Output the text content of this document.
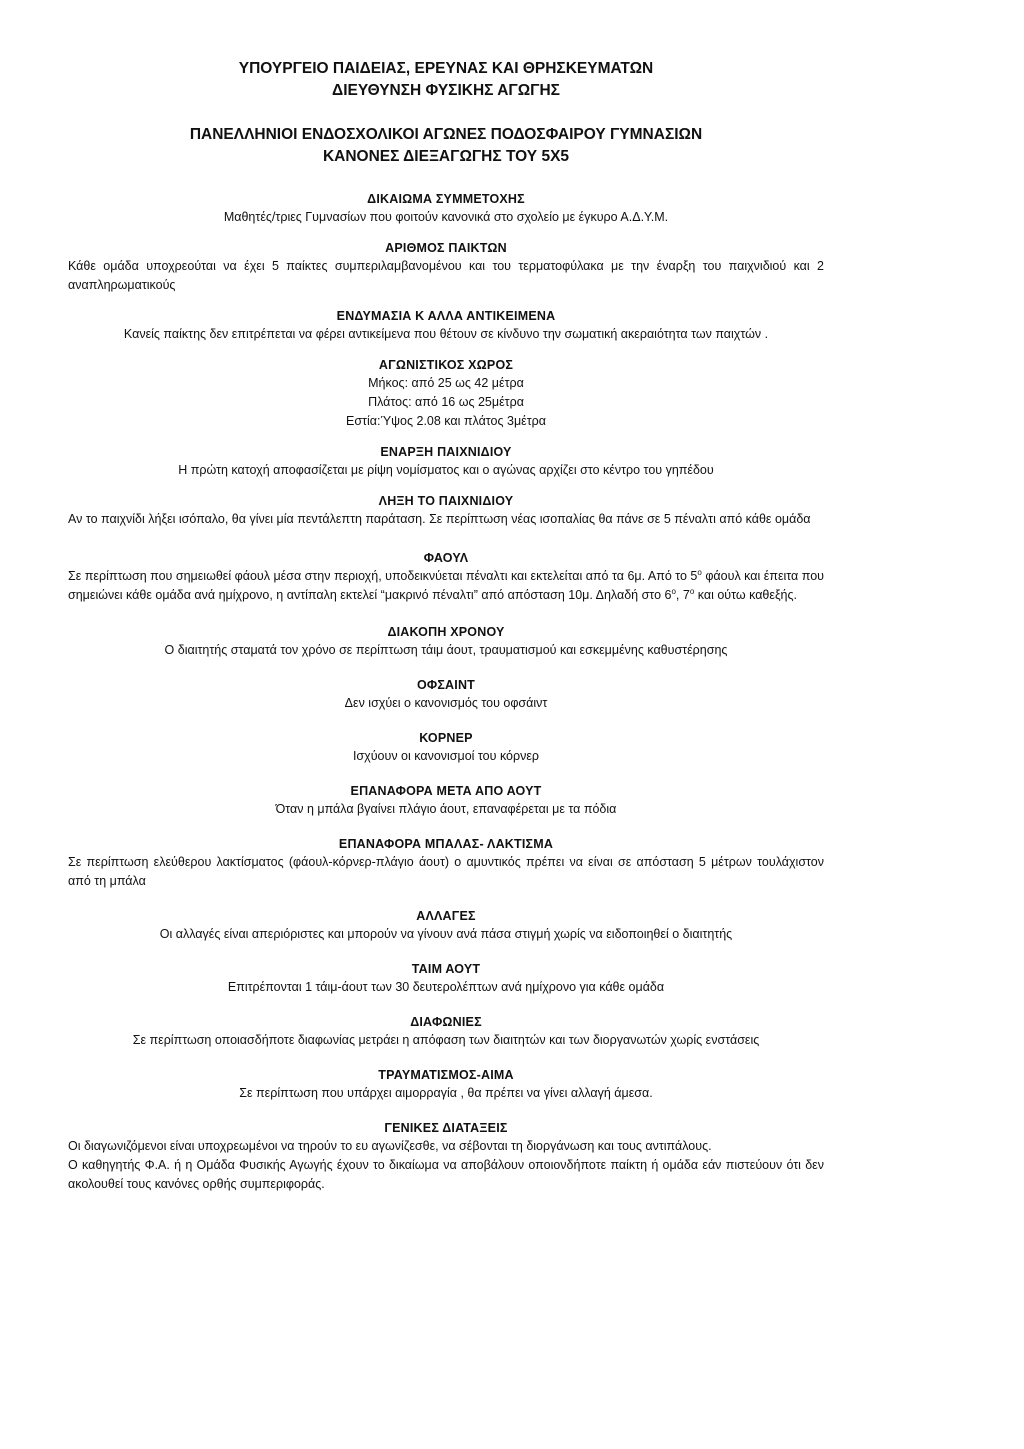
ΥΠΟΥΡΓΕΙΟ ΠΑΙΔΕΙΑΣ, ΕΡΕΥΝΑΣ ΚΑΙ ΘΡΗΣΚΕΥΜΑΤΩΝ
ΔΙΕΥΘΥΝΣΗ ΦΥΣΙΚΗΣ ΑΓΩΓΗΣ
ΠΑΝΕΛΛΗΝΙΟΙ ΕΝΔΟΣΧΟΛΙΚΟΙ ΑΓΩΝΕΣ ΠΟΔΟΣΦΑΙΡΟΥ ΓΥΜΝΑΣΙΩΝ
ΚΑΝΟΝΕΣ ΔΙΕΞΑΓΩΓΗΣ ΤΟΥ 5Χ5
ΔΙΚΑΙΩΜΑ ΣΥΜΜΕΤΟΧΗΣ

Μαθητές/τριες Γυμνασίων που φοιτούν κανονικά στο σχολείο με έγκυρο Α.Δ.Υ.Μ.

ΑΡΙΘΜΟΣ ΠΑΙΚΤΩΝ

Κάθε ομάδα υποχρεούται να έχει 5 παίκτες συμπεριλαμβανομένου και του τερματοφύλακα με την έναρξη του παιχνιδιού και 2 αναπληρωματικούς

ΕΝΔΥΜΑΣΙΑ Κ ΑΛΛΑ ΑΝΤΙΚΕΙΜΕΝΑ

Κανείς παίκτης δεν επιτρέπεται να φέρει αντικείμενα που θέτουν σε κίνδυνο την σωματική ακεραιότητα των παιχτών .

ΑΓΩΝΙΣΤΙΚΟΣ ΧΩΡΟΣ

Μήκος: από 25 ως 42 μέτρα

Πλάτος: από 16 ως 25μέτρα

Εστία:Ύψος 2.08 και πλάτος 3μέτρα

ΕΝΑΡΞΗ ΠΑΙΧΝΙΔΙΟΥ

Η πρώτη κατοχή αποφασίζεται με ρίψη νομίσματος και ο αγώνας αρχίζει στο κέντρο του γηπέδου

ΛΗΞΗ ΤΟ ΠΑΙΧΝΙΔΙΟΥ

Αν το παιχνίδι λήξει ισόπαλο, θα γίνει μία πεντάλεπτη παράταση. Σε περίπτωση νέας ισοπαλίας θα πάνε σε 5 πέναλτι από κάθε ομάδα

ΦΑΟΥΛ

Σε περίπτωση που σημειωθεί φάουλ μέσα στην περιοχή, υποδεικνύεται πέναλτι και εκτελείται από τα 6μ. Από το $5^o$ φάουλ και έπειτα που σημειώνει κάθε ομάδα ανά ημίχρονο, η αντίπαλη εκτελεί “μακρινό πέναλτι” από απόσταση 10μ. Δηλαδή στο $6^o$, $7^o$ και ούτω καθεξής.

ΔΙΑΚΟΠΗ ΧΡΟΝΟΥ

Ο διαιτητής σταματά τον χρόνο σε περίπτωση τάιμ άουτ, τραυματισμού και εσκεμμένης καθυστέρησης

ΟΦΣΑΙΝΤ

Δεν ισχύει ο κανονισμός του οφσάιντ

ΚΟΡΝΕΡ

Ισχύουν οι κανονισμοί του κόρνερ

ΕΠΑΝΑΦΟΡΑ ΜΕΤΑ ΑΠΟ ΑΟΥΤ

Όταν η μπάλα βγαίνει πλάγιο άουτ, επαναφέρεται με τα πόδια

ΕΠΑΝΑΦΟΡΑ ΜΠΑΛΑΣ- ΛΑΚΤΙΣΜΑ

Σε περίπτωση ελεύθερου λακτίσματος (φάουλ-κόρνερ-πλάγιο άουτ) ο αμυντικός πρέπει να είναι σε απόσταση 5 μέτρων τουλάχιστον από τη μπάλα

ΑΛΛΑΓΕΣ

Οι αλλαγές είναι απεριόριστες και μπορούν να γίνουν ανά πάσα στιγμή χωρίς να ειδοποιηθεί ο διαιτητής

ΤΑΙΜ ΑΟΥΤ

Επιτρέπονται 1 τάιμ-άουτ των 30 δευτερολέπτων ανά ημίχρονο για κάθε ομάδα

ΔΙΑΦΩΝΙΕΣ

Σε περίπτωση οποιασδήποτε διαφωνίας μετράει η απόφαση των διαιτητών και των διοργανωτών χωρίς ενστάσεις

ΤΡΑΥΜΑΤΙΣΜΟΣ-ΑΙΜΑ

Σε περίπτωση που υπάρχει αιμορραγία , θα πρέπει να γίνει αλλαγή άμεσα.

ΓΕΝΙΚΕΣ ΔΙΑΤΑΞΕΙΣ

Οι διαγωνιζόμενοι είναι υποχρεωμένοι να τηρούν το ευ αγωνίζεσθε, να σέβονται τη διοργάνωση και τους αντιπάλους.

Ο καθηγητής Φ.Α. ή η Ομάδα Φυσικής Αγωγής έχουν το δικαίωμα να αποβάλουν οποιονδήποτε παίκτη ή ομάδα εάν πιστεύουν ότι δεν ακολουθεί τους κανόνες ορθής συμπεριφοράς.
